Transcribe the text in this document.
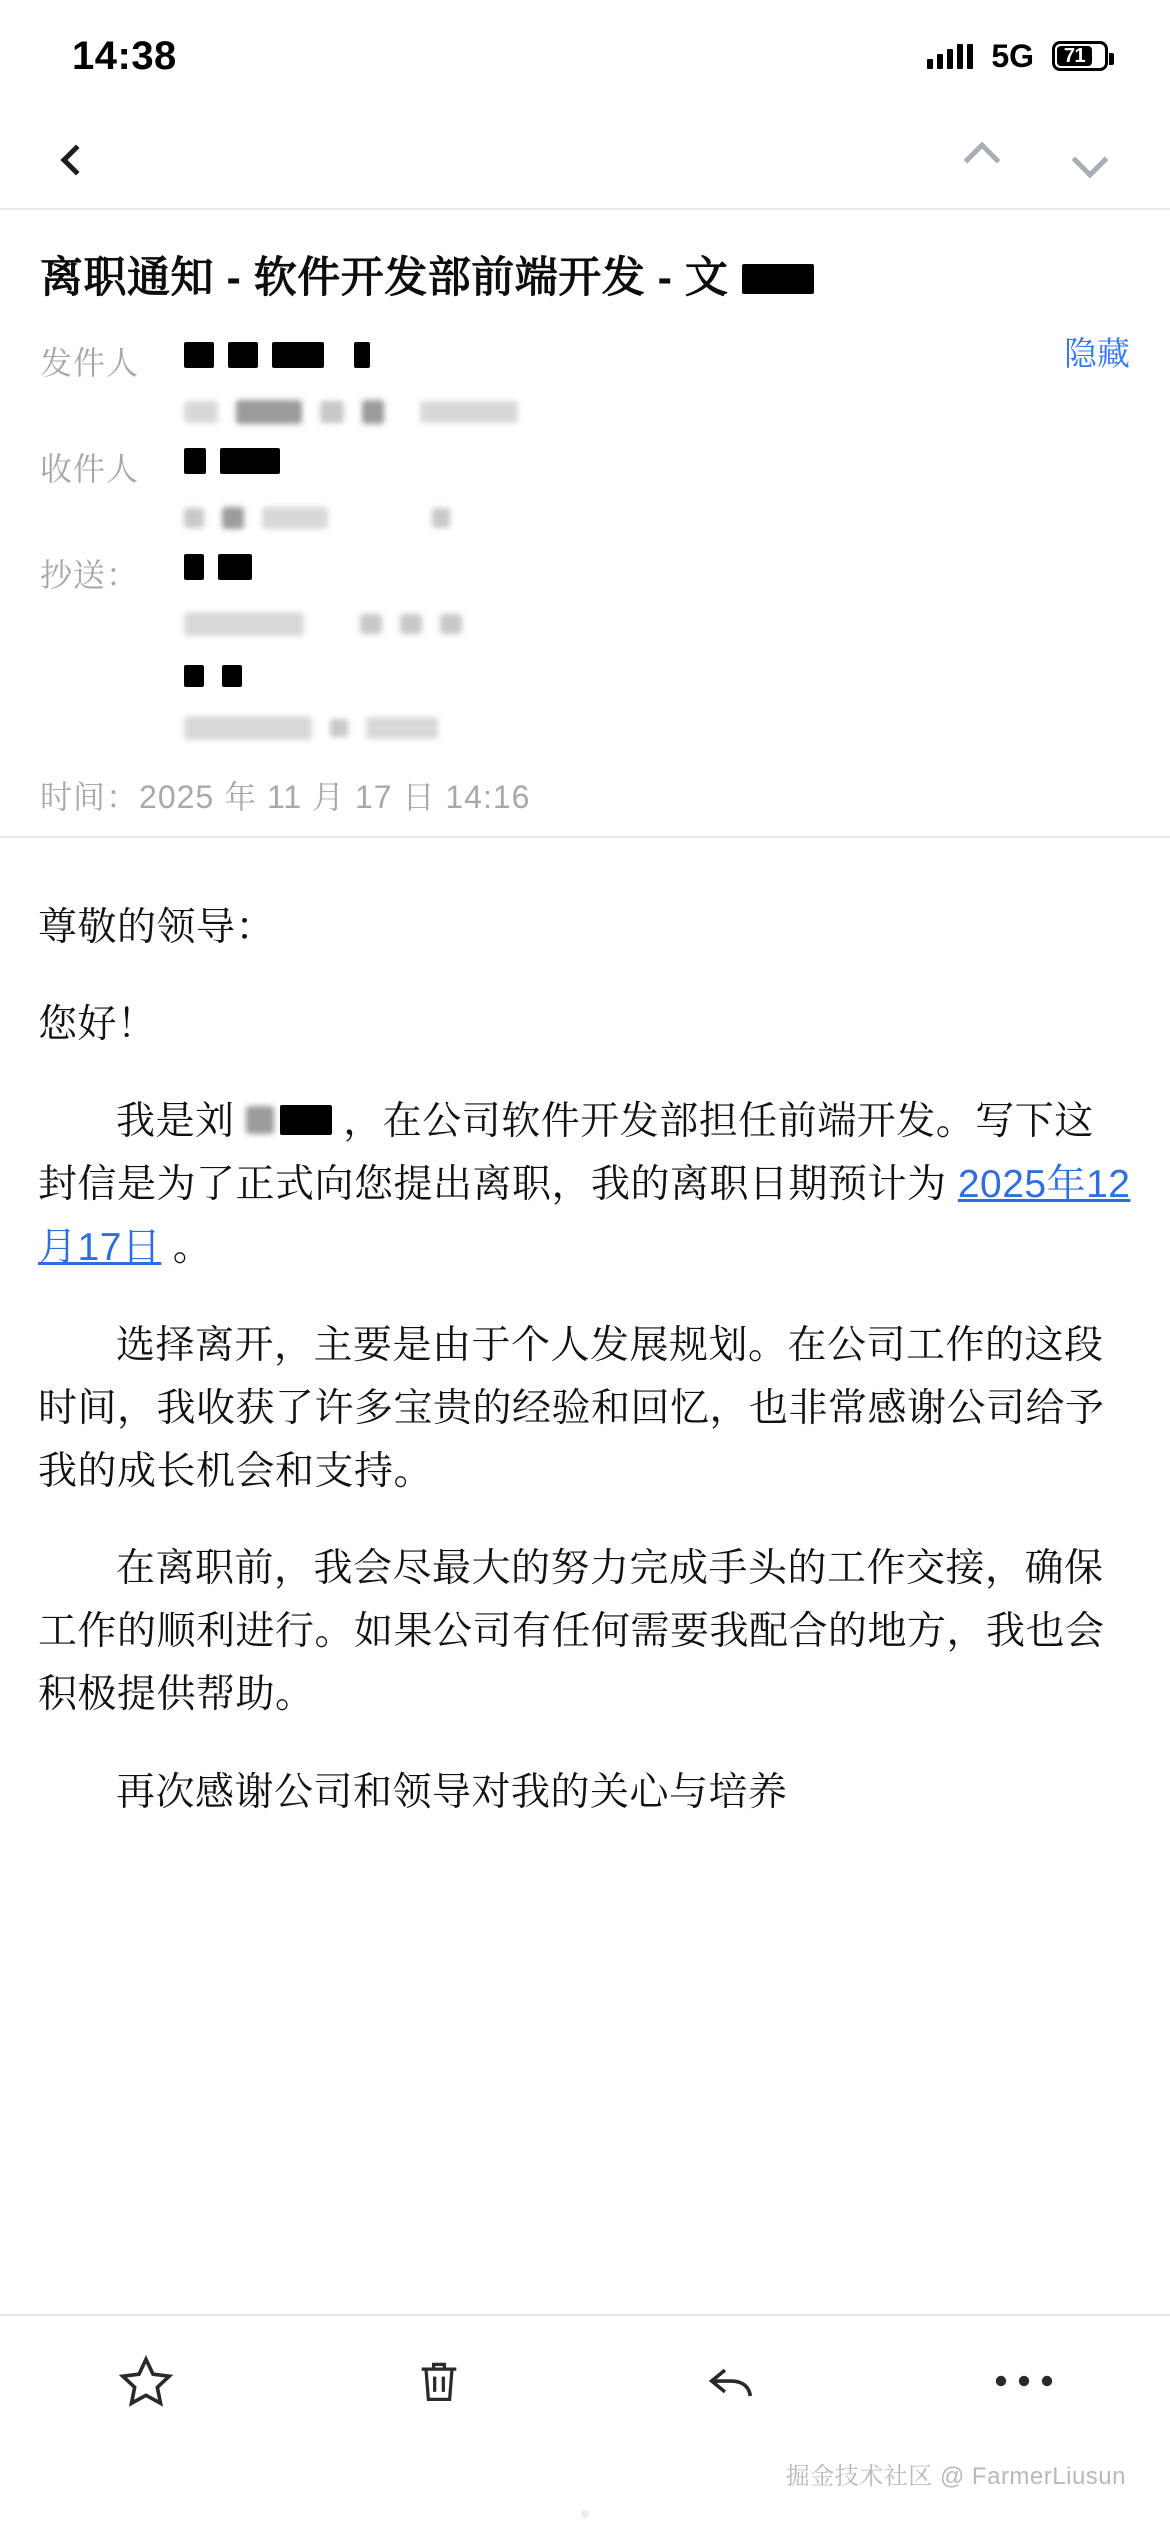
14:38	5G 71
离职通知 - 软件开发部前端开发 - 文
隐藏
发件人
收件人
抄送：
时间： 2025 年 11 月 17 日 14:16

尊敬的领导：

您好！

我是刘	，在公司软件开发部担任前端开发。写下这封信是为了正式向您提出离职，我的离职日期预计为 2025年12月17日 。

选择离开，主要是由于个人发展规划。在公司工作的这段时间，我收获了许多宝贵的经验和回忆，也非常感谢公司给予我的成长机会和支持。

在离职前，我会尽最大的努力完成手头的工作交接，确保工作的顺利进行。如果公司有任何需要我配合的地方，我也会积极提供帮助。

再次感谢公司和领导对我的关心与培养

掘金技术社区 @ FarmerLiusun
